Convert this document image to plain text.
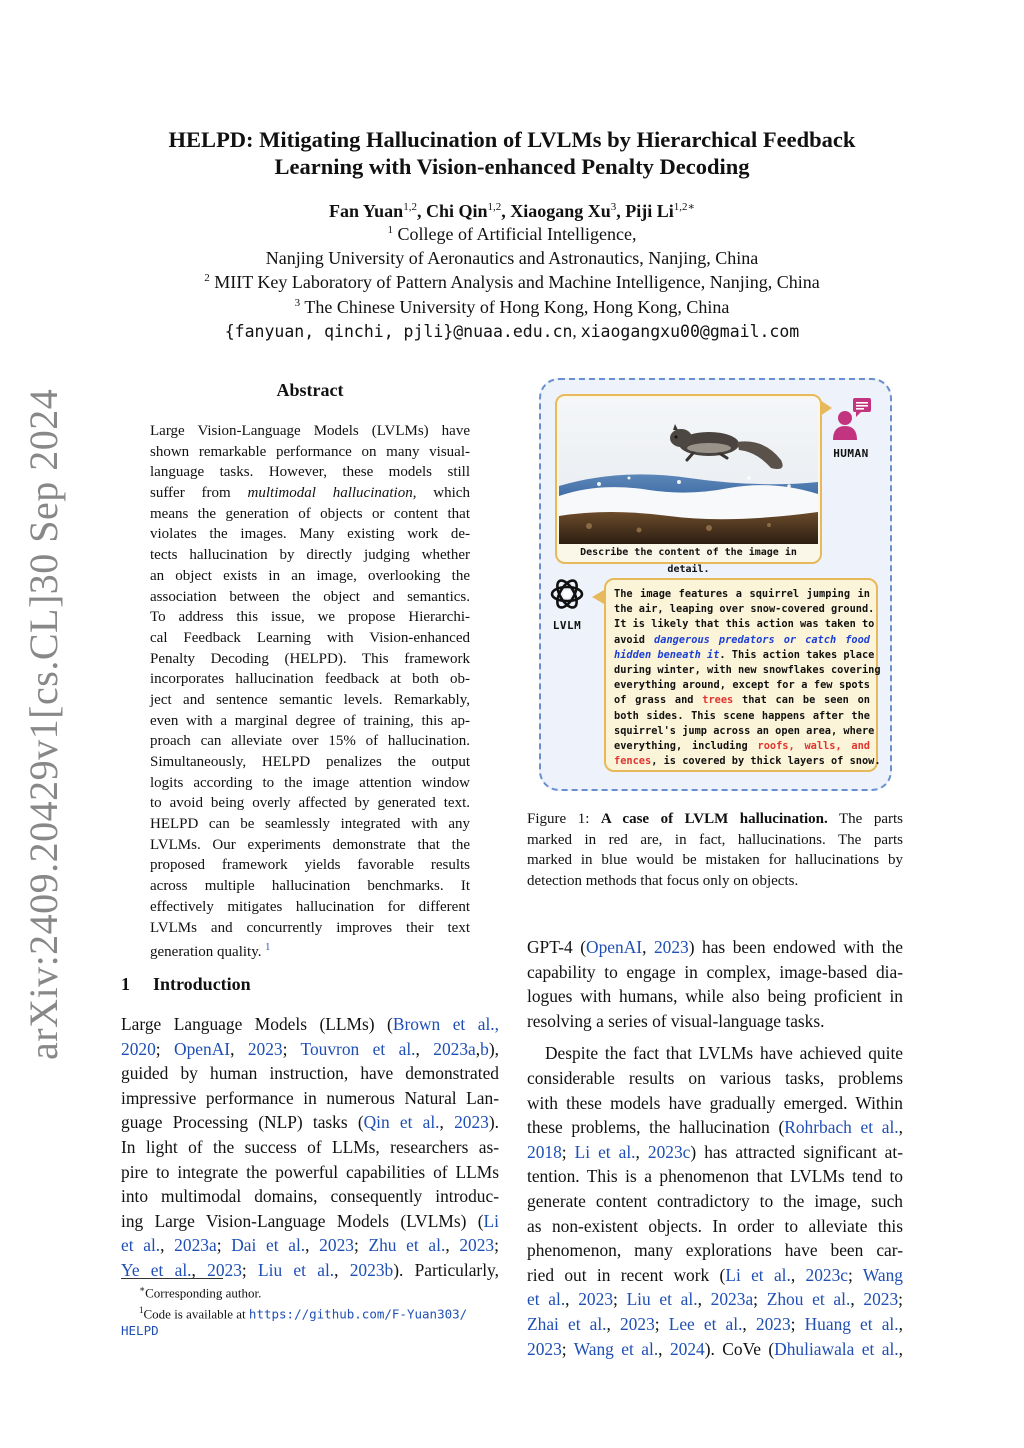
arXiv:2409.20429v1
[cs.CL]
30 Sep 2024
HELPD: Mitigating Hallucination of LVLMs by Hierarchical Feedback
Learning with Vision-enhanced Penalty Decoding
Fan Yuan$^{1,2}$, Chi Qin$^{1,2}$, Xiaogang Xu$^3$, Piji $Li^{1,2∗}$
$^1$ College of Artificial Intelligence,
Nanjing University of Aeronautics and Astronautics, Nanjing, China
$^2$ MIIT Key Laboratory of Pattern Analysis and Machine Intelligence, Nanjing, China
$^3$ The Chinese University of Hong Kong, Hong Kong, China
{fanyuan, qinchi, pjli}@nuaa.edu.cn, xiaogangxu00@gmail.com
Abstract
Large Vision-Language Models (LVLMs) have
shown remarkable performance on many visual-
language tasks. However, these models still
suffer from multimodal hallucination, which
means the generation of objects or content that
violates the images. Many existing work de-
tects hallucination by directly judging whether
an object exists in an image, overlooking the
association between the object and semantics.
To address this issue, we propose Hierarchi-
cal Feedback Learning with Vision-enhanced
Penalty Decoding (HELPD). This framework
incorporates hallucination feedback at both ob-
ject and sentence semantic levels. Remarkably,
even with a marginal degree of training, this ap-
proach can alleviate over 15% of hallucination.
Simultaneously, HELPD penalizes the output
logits according to the image attention window
to avoid being overly affected by generated text.
HELPD can be seamlessly integrated with any
LVLMs. Our experiments demonstrate that the
proposed framework yields favorable results
across multiple hallucination benchmarks. It
effectively mitigates hallucination for different
LVLMs and concurrently improves their text
generation quality. $^1$
1 Introduction
Large Language Models (LLMs) (Brown et al.,
2020; OpenAI, 2023; Touvron et al., 2023a,b),
guided by human instruction, have demonstrated
impressive performance in numerous Natural Lan-
guage Processing (NLP) tasks (Qin et al., 2023).
In light of the success of LLMs, researchers as-
pire to integrate the powerful capabilities of LLMs
into multimodal domains, consequently introduc-
ing Large Vision-Language Models (LVLMs) (Li
et al., 2023a; Dai et al., 2023; Zhu et al., 2023;
Ye et al., 2023; Liu et al., 2023b). Particularly,
GPT-4 (OpenAI, 2023) has been endowed with the
capability to engage in complex, image-based dia-
logues with humans, while also being proficient in
resolving a series of visual-language tasks.
Despite the fact that LVLMs have achieved quite
considerable results on various tasks, problems
with these models have gradually emerged. Within
these problems, the hallucination (Rohrbach et al.,
2018; Li et al., 2023c) has attracted significant at-
tention. This is a phenomenon that LVLMs tend to
generate content contradictory to the image, such
as non-existent objects. In order to alleviate this
phenomenon, many explorations have been car-
ried out in recent work (Li et al., 2023c; Wang
et al., 2023; Liu et al., 2023a; Zhou et al., 2023;
Zhai et al., 2023; Lee et al., 2023; Huang et al.,
2023; Wang et al., 2024). CoVe (Dhuliawala et al.,
∗Corresponding author.
$^1$Code is available at https://github.com/F-Yuan303/
HELPD
Describe the content of the image in detail.
HUMAN
LVLM
The image features a squirrel jumping in
the air, leaping over snow-covered ground.
It is likely that this action was taken to
avoid dangerous predators or catch food
hidden beneath it. This action takes place
during winter, with new snowflakes covering
everything around, except for a few spots
of grass and trees that can be seen on
both sides. This scene happens after the
squirrel's jump across an open area, where
everything, including roofs, walls, and
fences, is covered by thick layers of snow.
Figure 1: A case of LVLM hallucination. The parts
marked in red are, in fact, hallucinations. The parts
marked in blue would be mistaken for hallucinations by
detection methods that focus only on objects.
